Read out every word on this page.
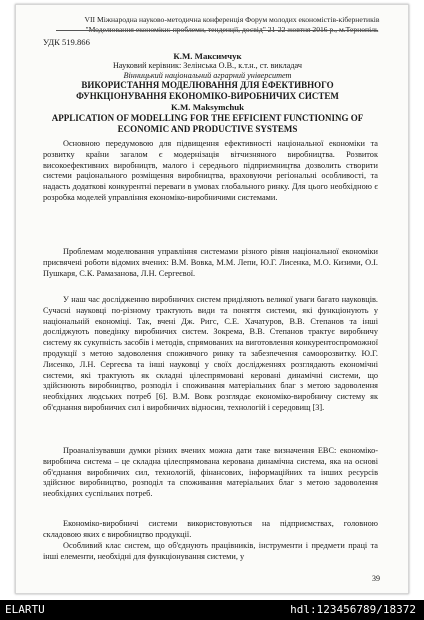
VII Міжнародна науково-методична конференція Форум молодих економістів-кібернетиків
"Моделювання економіки: проблеми, тенденції, досвід" 21-22 жовтня 2016 р., м.Тернопіль
УДК 519.866
К.М. Максимчук
Науковий керівник: Зелінська О.В., к.т.н., ст. викладач
Вінницький національний аграрний університет
ВИКОРИСТАННЯ МОДЕЛЮВАННЯ ДЛЯ ЕФЕКТИВНОГО ФУНКЦІОНУВАННЯ ЕКОНОМІКО-ВИРОБНИЧИХ СИСТЕМ
K.M. Maksymchuk
APPLICATION OF MODELLING FOR THE EFFICIENT FUNCTIONING OF ECONOMIC AND PRODUCTIVE SYSTEMS

Основною передумовою для підвищення ефективності національної економіки та розвитку країни загалом є модернізація вітчизняного виробництва. Розвиток високоефективних виробництв, малого і середнього підприємництва дозволить створити системи раціонального розміщення виробництва, враховуючи регіональні особливості, та надасть додаткові конкурентні переваги в умовах глобального ринку. Для цього необхідною є розробка моделей управління економіко-виробничими системами.

Проблемам моделювання управління системами різного рівня національної економіки присвячені роботи відомих вчених: В.М. Вовка, М.М. Лепи, Ю.Г. Лисенка, М.О. Кизими, О.І. Пушкаря, С.К. Рамазанова, Л.Н. Сергеєвої.

У наш час дослідженню виробничих систем приділяють великої уваги багато науковців. Сучасні науковці по-різному трактують види та поняття системи, які функціонують у національній економіці. Так, вчені Дж. Ригс, С.Е. Хачатуров, В.В. Степанов та інші досліджують поведінку виробничих систем. Зокрема, В.В. Степанов трактує виробничу систему як сукупність засобів і методів, спрямованих на виготовлення конкурентоспроможної продукції з метою задоволення споживчого ринку та забезпечення самоорозвитку. Ю.Г. Лисенко, Л.Н. Сергеєва та інші науковці у своїх дослідженнях розглядають економічні системи, які трактують як складні цілеспрямовані керовані динамічні системи, що здійснюють виробництво, розподіл і споживання матеріальних благ з метою задоволення необхідних людських потреб [6]. В.М. Вовк розглядає економіко-виробничу систему як об'єднання виробничих сил і виробничих відносин, технологій і середовищ [3].

Проаналізувавши думки різних вчених можна дати таке визначення ЕВС: економіко-виробнича система – це складна цілеспрямована керована динамічна система, яка на основі об'єднання виробничих сил, технологій, фінансових, інформаційних та інших ресурсів здійснює виробництво, розподіл та споживання матеріальних благ з метою задоволення необхідних суспільних потреб.

Економіко-виробничі системи використовуються на підприємствах, головною складовою яких є виробництво продукції.

Особливий клас систем, що об'єднують працівників, інструменти і предмети праці та інші елементи, необхідні для функціонування системи, у

39
ELARTU	hdl:123456789/18372
